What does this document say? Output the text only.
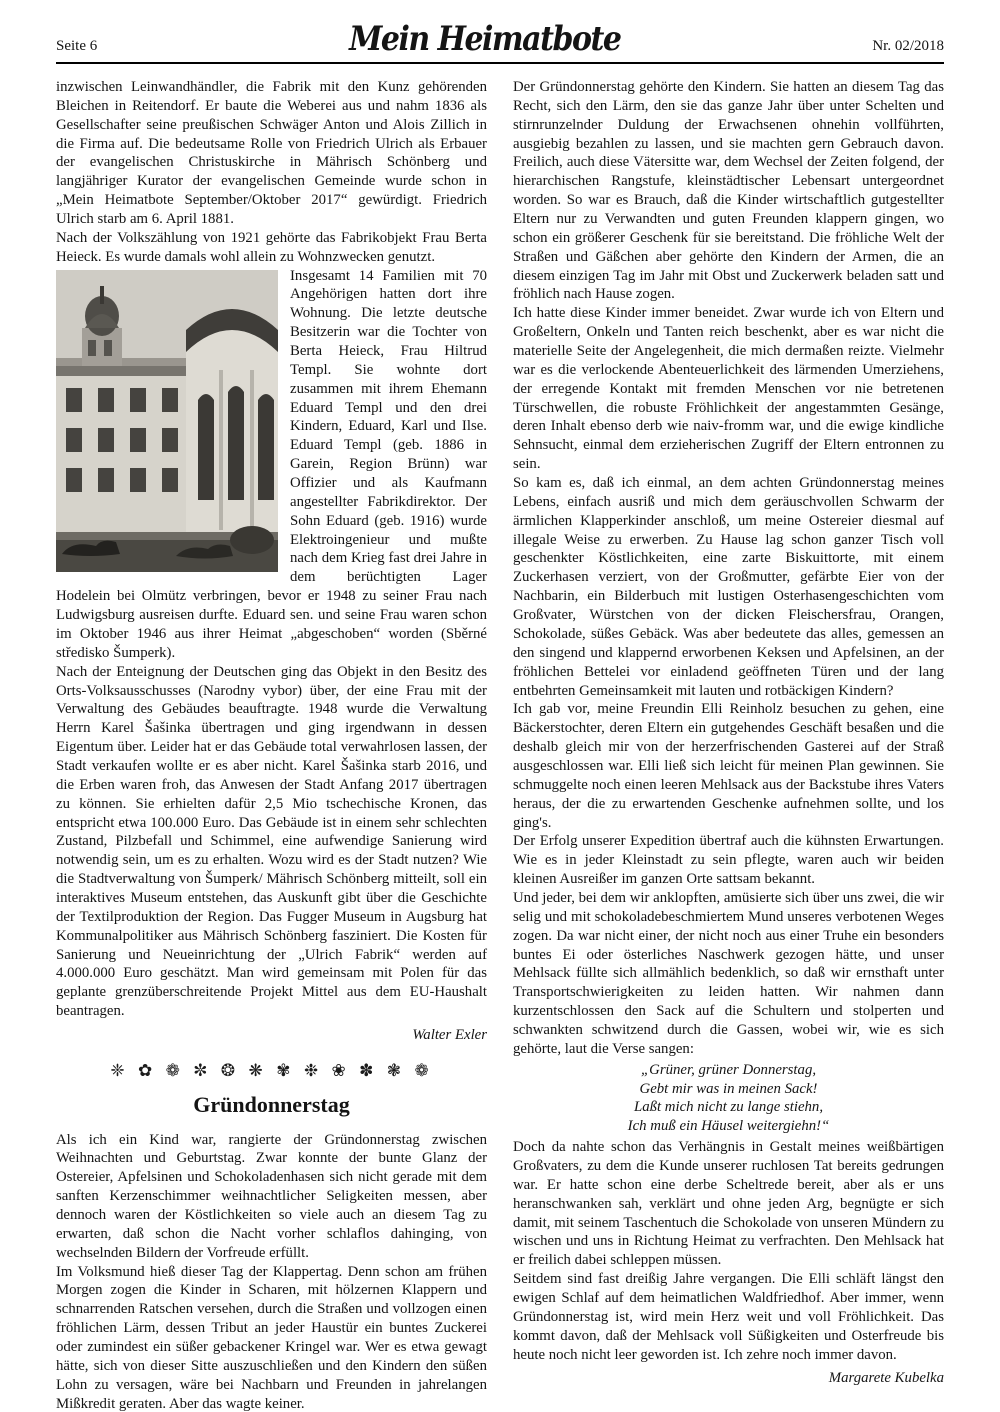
Seite 6	Mein Heimatbote	Nr. 02/2018

inzwischen Leinwandhändler, die Fabrik mit den Kunz gehörenden Bleichen in Reitendorf. Er baute die Weberei aus und nahm 1836 als Gesellschafter seine preußischen Schwäger Anton und Alois Zillich in die Firma auf. Die bedeutsame Rolle von Friedrich Ulrich als Erbauer der evangelischen Christuskirche in Mährisch Schönberg und langjähriger Kurator der evangelischen Gemeinde wurde schon in „Mein Heimatbote September/Oktober 2017“ gewürdigt. Friedrich Ulrich starb am 6. April 1881.

Nach der Volkszählung von 1921 gehörte das Fabrikobjekt Frau Berta Heieck. Es wurde damals wohl allein zu Wohnzwecken genutzt.

Insgesamt 14 Familien mit 70 Angehörigen hatten dort ihre Wohnung. Die letzte deutsche Besitzerin war die Tochter von Berta Heieck, Frau Hiltrud Templ. Sie wohnte dort zusammen mit ihrem Ehemann Eduard Templ und den drei Kindern, Eduard, Karl und Ilse. Eduard Templ (geb. 1886 in Garein, Region Brünn) war Offizier und als Kaufmann angestellter Fabrikdirektor. Der Sohn Eduard (geb. 1916) wurde Elektroingenieur und mußte nach dem Krieg fast drei Jahre in dem berüchtigten Lager Hodelein bei Olmütz verbringen, bevor er 1948 zu seiner Frau nach Ludwigsburg ausreisen durfte. Eduard sen. und seine Frau waren schon im Oktober 1946 aus ihrer Heimat „abgeschoben“ worden (Sběrné středisko Šumperk).

Nach der Enteignung der Deutschen ging das Objekt in den Besitz des Orts-Volksausschusses (Narodny vybor) über, der eine Frau mit der Verwaltung des Gebäudes beauftragte. 1948 wurde die Verwaltung Herrn Karel Šašinka übertragen und ging irgendwann in dessen Eigentum über. Leider hat er das Gebäude total verwahrlosen lassen, der Stadt verkaufen wollte er es aber nicht. Karel Šašinka starb 2016, und die Erben waren froh, das Anwesen der Stadt Anfang 2017 übertragen zu können. Sie erhielten dafür 2,5 Mio tschechische Kronen, das entspricht etwa 100.000 Euro. Das Gebäude ist in einem sehr schlechten Zustand, Pilzbefall und Schimmel, eine aufwendige Sanierung wird notwendig sein, um es zu erhalten. Wozu wird es der Stadt nutzen? Wie die Stadtverwaltung von Šumperk/ Mährisch Schönberg mitteilt, soll ein interaktives Museum entstehen, das Auskunft gibt über die Geschichte der Textilproduktion der Region. Das Fugger Museum in Augsburg hat Kommunalpolitiker aus Mährisch Schönberg fasziniert. Die Kosten für Sanierung und Neueinrichtung der „Ulrich Fabrik“ werden auf 4.000.000 Euro geschätzt. Man wird gemeinsam mit Polen für das geplante grenzüberschreitende Projekt Mittel aus dem EU-Haushalt beantragen.

Walter Exler

❈ ✿ ❁ ✼ ❂ ❋ ✾ ❉ ❀ ✽ ❃ ❁
Gründonnerstag

Als ich ein Kind war, rangierte der Gründonnerstag zwischen Weihnachten und Geburtstag. Zwar konnte der bunte Glanz der Ostereier, Apfelsinen und Schokoladenhasen sich nicht gerade mit dem sanften Kerzenschimmer weihnachtlicher Seligkeiten messen, aber dennoch waren der Köstlichkeiten so viele auch an diesem Tag zu erwarten, daß schon die Nacht vorher schlaflos dahinging, von wechselnden Bildern der Vorfreude erfüllt.

Im Volksmund hieß dieser Tag der Klappertag. Denn schon am frühen Morgen zogen die Kinder in Scharen, mit hölzernen Klappern und schnarrenden Ratschen versehen, durch die Straßen und vollzogen einen fröhlichen Lärm, dessen Tribut an jeder Haustür ein buntes Zuckerei oder zumindest ein süßer gebackener Kringel war. Wer es etwa gewagt hätte, sich von dieser Sitte auszuschließen und den Kindern den süßen Lohn zu versagen, wäre bei Nachbarn und Freunden in jahrelangen Mißkredit geraten. Aber das wagte keiner.

Der Gründonnerstag gehörte den Kindern. Sie hatten an diesem Tag das Recht, sich den Lärm, den sie das ganze Jahr über unter Schelten und stirnrunzelnder Duldung der Erwachsenen ohnehin vollführten, ausgiebig bezahlen zu lassen, und sie machten gern Gebrauch davon. Freilich, auch diese Vätersitte war, dem Wechsel der Zeiten folgend, der hierarchischen Rangstufe, kleinstädtischer Lebensart untergeordnet worden. So war es Brauch, daß die Kinder wirtschaftlich gutgestellter Eltern nur zu Verwandten und guten Freunden klappern gingen, wo schon ein größerer Geschenk für sie bereitstand. Die fröhliche Welt der Straßen und Gäßchen aber gehörte den Kindern der Armen, die an diesem einzigen Tag im Jahr mit Obst und Zuckerwerk beladen satt und fröhlich nach Hause zogen.

Ich hatte diese Kinder immer beneidet. Zwar wurde ich von Eltern und Großeltern, Onkeln und Tanten reich beschenkt, aber es war nicht die materielle Seite der Angelegenheit, die mich dermaßen reizte. Vielmehr war es die verlockende Abenteuerlichkeit des lärmenden Umerziehens, der erregende Kontakt mit fremden Menschen vor nie betretenen Türschwellen, die robuste Fröhlichkeit der angestammten Gesänge, deren Inhalt ebenso derb wie naiv-fromm war, und die ewige kindliche Sehnsucht, einmal dem erzieherischen Zugriff der Eltern entronnen zu sein.

So kam es, daß ich einmal, an dem achten Gründonnerstag meines Lebens, einfach ausriß und mich dem geräuschvollen Schwarm der ärmlichen Klapperkinder anschloß, um meine Ostereier diesmal auf illegale Weise zu erwerben. Zu Hause lag schon ganzer Tisch voll geschenkter Köstlichkeiten, eine zarte Biskuittorte, mit einem Zuckerhasen verziert, von der Großmutter, gefärbte Eier von der Nachbarin, ein Bilderbuch mit lustigen Osterhasengeschichten vom Großvater, Würstchen von der dicken Fleischersfrau, Orangen, Schokolade, süßes Gebäck. Was aber bedeutete das alles, gemessen an den singend und klappernd erworbenen Keksen und Apfelsinen, an der fröhlichen Bettelei vor einladend geöffneten Türen und der lang entbehrten Gemeinsamkeit mit lauten und rotbäckigen Kindern?

Ich gab vor, meine Freundin Elli Reinholz besuchen zu gehen, eine Bäckerstochter, deren Eltern ein gutgehendes Geschäft besaßen und die deshalb gleich mir von der herzerfrischenden Gasterei auf der Straß ausgeschlossen war. Elli ließ sich leicht für meinen Plan gewinnen. Sie schmuggelte noch einen leeren Mehlsack aus der Backstube ihres Vaters heraus, der die zu erwartenden Geschenke aufnehmen sollte, und los ging's.

Der Erfolg unserer Expedition übertraf auch die kühnsten Erwartungen. Wie es in jeder Kleinstadt zu sein pflegte, waren auch wir beiden kleinen Ausreißer im ganzen Orte sattsam bekannt.

Und jeder, bei dem wir anklopften, amüsierte sich über uns zwei, die wir selig und mit schokoladebeschmiertem Mund unseres verbotenen Weges zogen. Da war nicht einer, der nicht noch aus einer Truhe ein besonders buntes Ei oder österliches Naschwerk gezogen hätte, und unser Mehlsack füllte sich allmählich bedenklich, so daß wir ernsthaft unter Transportschwierigkeiten zu leiden hatten. Wir nahmen dann kurzentschlossen den Sack auf die Schultern und stolperten und schwankten schwitzend durch die Gassen, wobei wir, wie es sich gehörte, laut die Verse sangen:

„Grüner, grüner Donnerstag,

Gebt mir was in meinen Sack!

Laßt mich nicht zu lange stiehn,

Ich muß ein Häusel weitergiehn!“

Doch da nahte schon das Verhängnis in Gestalt meines weißbärtigen Großvaters, zu dem die Kunde unserer ruchlosen Tat bereits gedrungen war. Er hatte schon eine derbe Scheltrede bereit, aber als er uns heranschwanken sah, verklärt und ohne jeden Arg, begnügte er sich damit, mit seinem Taschentuch die Schokolade von unseren Mündern zu wischen und uns in Richtung Heimat zu verfrachten. Den Mehlsack hat er freilich dabei schleppen müssen.

Seitdem sind fast dreißig Jahre vergangen. Die Elli schläft längst den ewigen Schlaf auf dem heimatlichen Waldfriedhof. Aber immer, wenn Gründonnerstag ist, wird mein Herz weit und voll Fröhlichkeit. Das kommt davon, daß der Mehlsack voll Süßigkeiten und Osterfreude bis heute noch nicht leer geworden ist. Ich zehre noch immer davon.

Margarete Kubelka
